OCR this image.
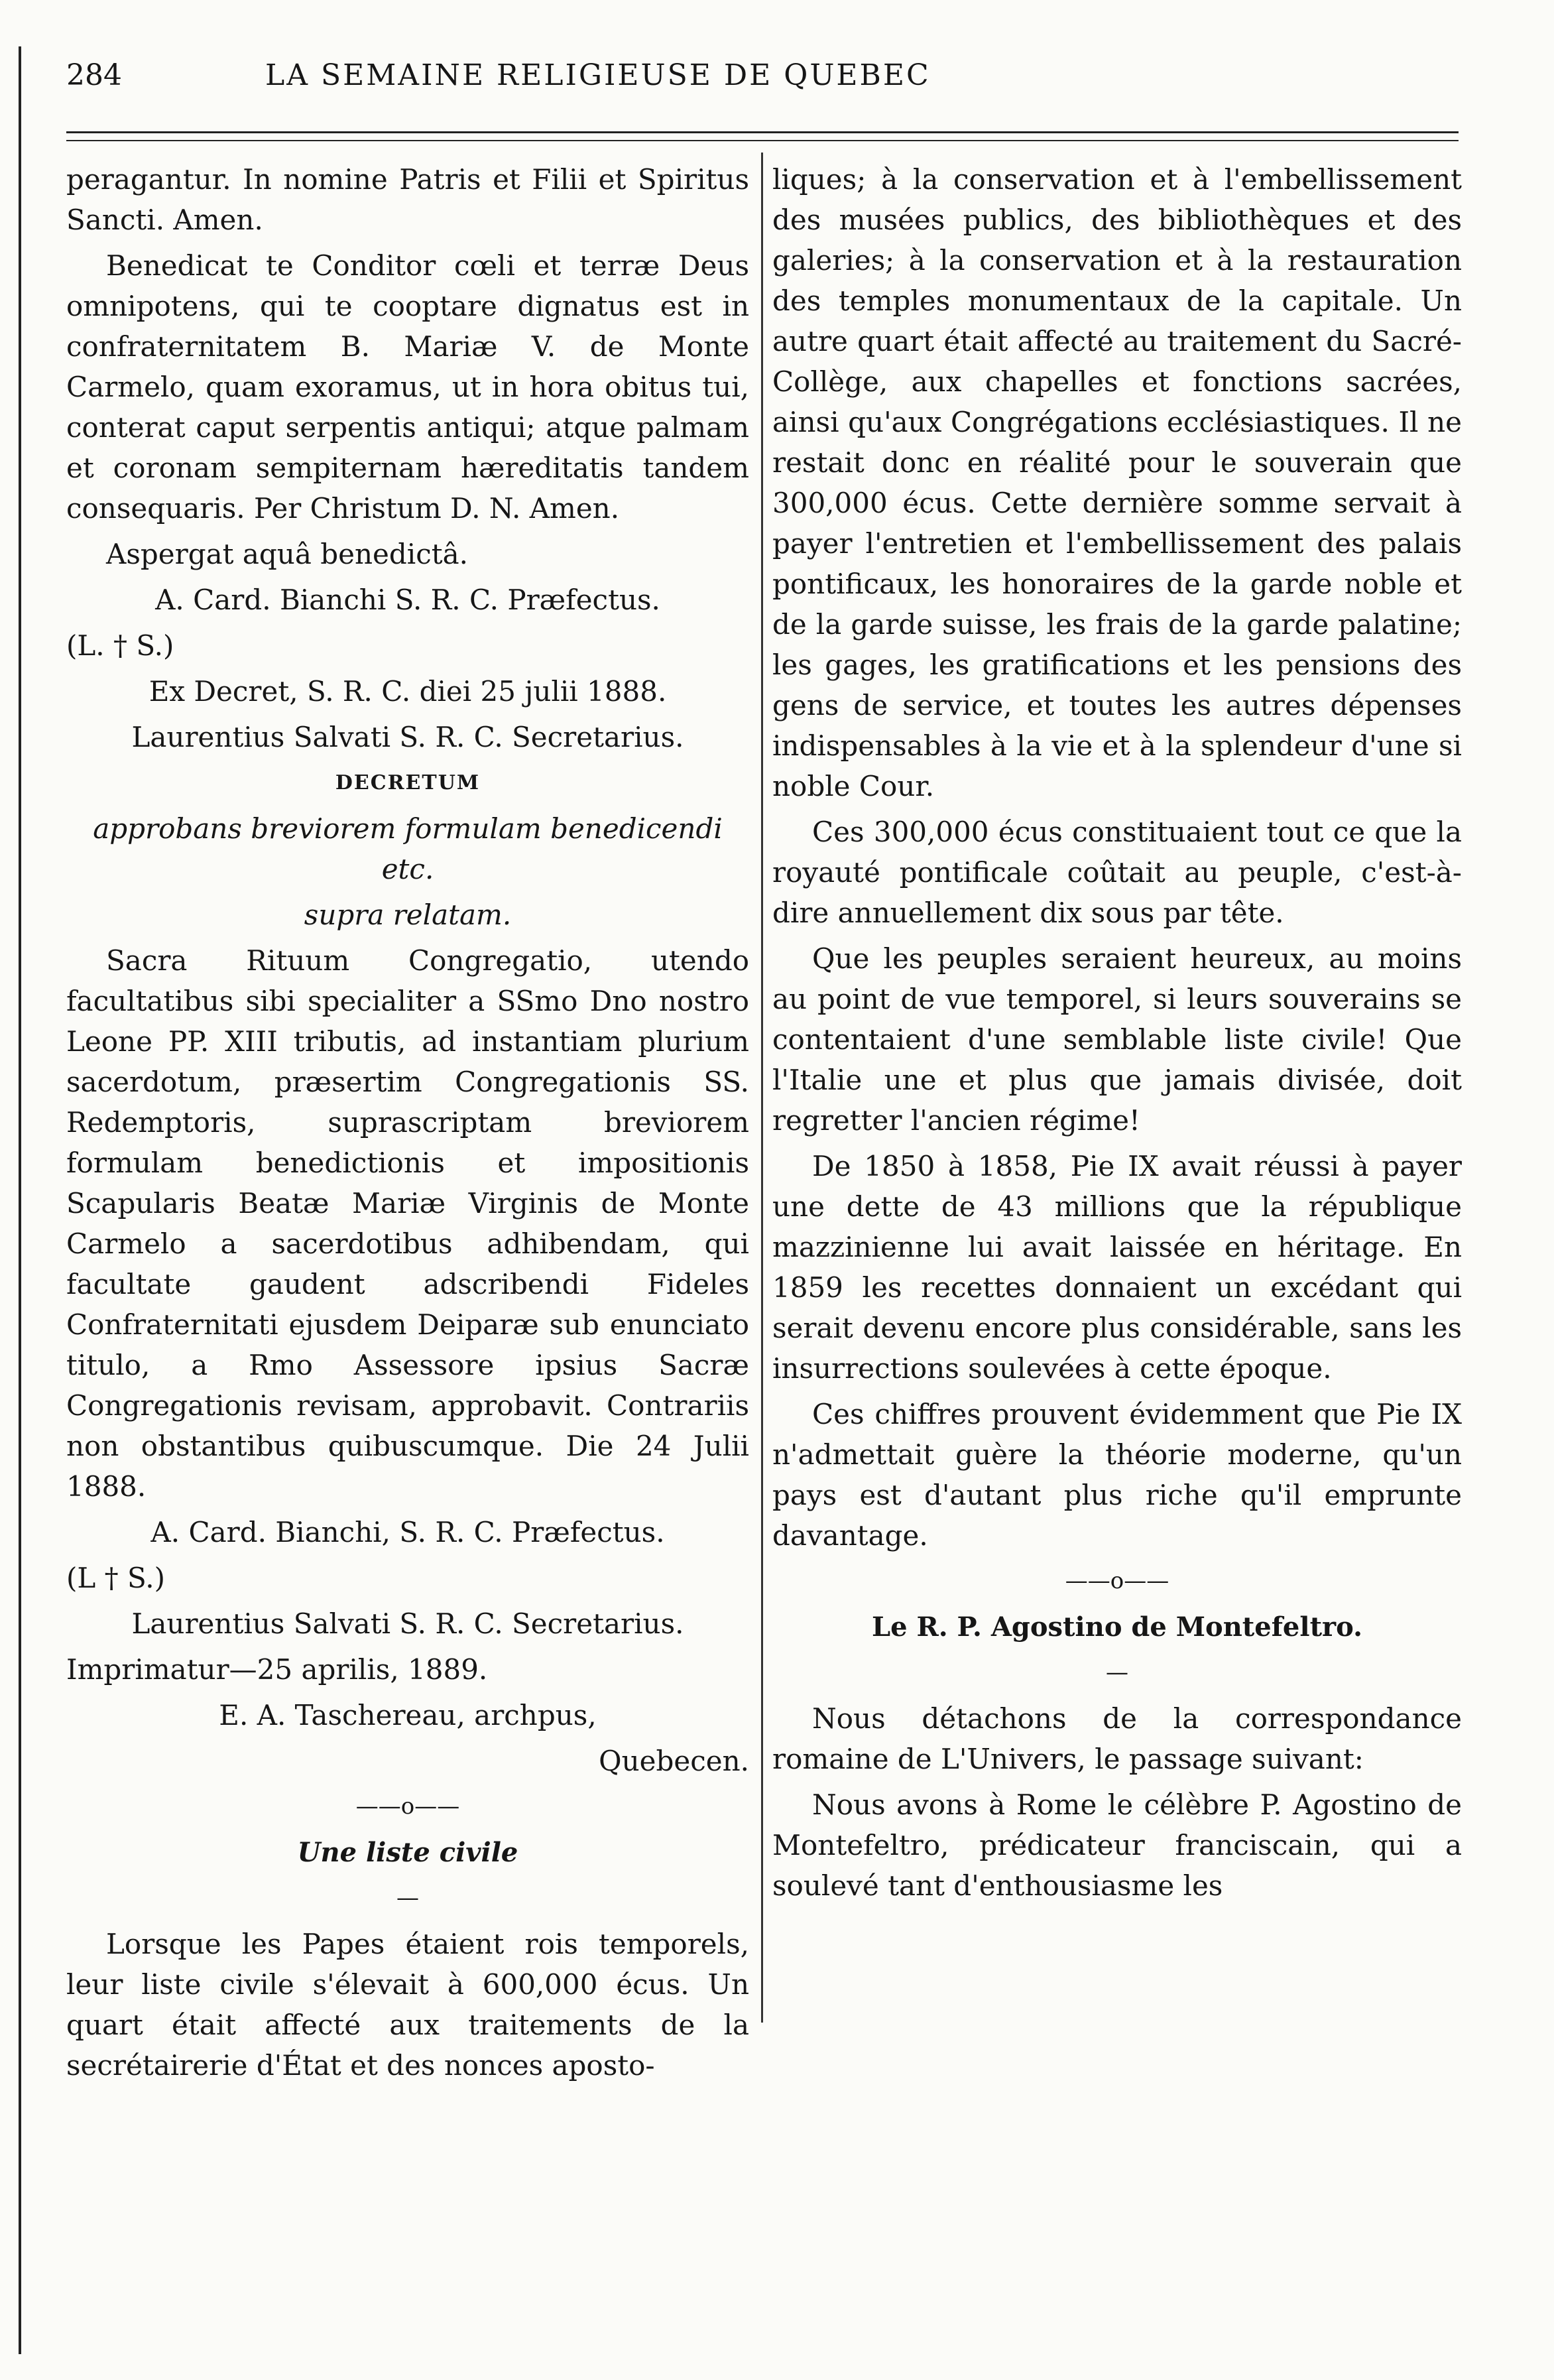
284	LA SEMAINE RELIGIEUSE DE QUEBEC

peragantur. In nomine Patris et Filii et Spiritus Sancti. Amen.

Benedicat te Conditor cœli et terræ Deus omnipotens, qui te cooptare dignatus est in confraternitatem B. Mariæ V. de Monte Carmelo, quam exoramus, ut in hora obitus tui, conterat caput serpentis antiqui; atque palmam et coronam sempiternam hæreditatis tandem consequaris. Per Christum D. N. Amen.

Aspergat aquâ benedictâ.

A. Card. Bianchi S. R. C. Præfectus.

(L. † S.)

Ex Decret, S. R. C. diei 25 julii 1888.

Laurentius Salvati S. R. C. Secretarius.

DECRETUM

approbans breviorem formulam benedicendi etc.

supra relatam.

Sacra Rituum Congregatio, utendo facultatibus sibi specialiter a SSmo Dno nostro Leone PP. XIII tributis, ad instantiam plurium sacerdotum, præsertim Congregationis SS. Redemptoris, suprascriptam breviorem formulam benedictionis et impositionis Scapularis Beatæ Mariæ Virginis de Monte Carmelo a sacerdotibus adhibendam, qui facultate gaudent adscribendi Fideles Confraternitati ejusdem Deiparæ sub enunciato titulo, a Rmo Assessore ipsius Sacræ Congregationis revisam, approbavit. Contrariis non obstantibus quibuscumque. Die 24 Julii 1888.

A. Card. Bianchi, S. R. C. Præfectus.

(L † S.)

Laurentius Salvati S. R. C. Secretarius.

Imprimatur—25 aprilis, 1889.

E. A. Taschereau, archpus,

Quebecen.

——o——

Une liste civile

—

Lorsque les Papes étaient rois temporels, leur liste civile s'élevait à 600,000 écus. Un quart était affecté aux traitements de la secrétairerie d'État et des nonces aposto-

liques; à la conservation et à l'embellissement des musées publics, des bibliothèques et des galeries; à la conservation et à la restauration des temples monumentaux de la capitale. Un autre quart était affecté au traitement du Sacré-Collège, aux chapelles et fonctions sacrées, ainsi qu'aux Congrégations ecclésiastiques. Il ne restait donc en réalité pour le souverain que 300,000 écus. Cette dernière somme servait à payer l'entretien et l'embellissement des palais pontificaux, les honoraires de la garde noble et de la garde suisse, les frais de la garde palatine; les gages, les gratifications et les pensions des gens de service, et toutes les autres dépenses indispensables à la vie et à la splendeur d'une si noble Cour.

Ces 300,000 écus constituaient tout ce que la royauté pontificale coûtait au peuple, c'est-à-dire annuellement dix sous par tête.

Que les peuples seraient heureux, au moins au point de vue temporel, si leurs souverains se contentaient d'une semblable liste civile! Que l'Italie une et plus que jamais divisée, doit regretter l'ancien régime!

De 1850 à 1858, Pie IX avait réussi à payer une dette de 43 millions que la république mazzinienne lui avait laissée en héritage. En 1859 les recettes donnaient un excédant qui serait devenu encore plus considérable, sans les insurrections soulevées à cette époque.

Ces chiffres prouvent évidemment que Pie IX n'admettait guère la théorie moderne, qu'un pays est d'autant plus riche qu'il emprunte davantage.

——o——

Le R. P. Agostino de Montefeltro.

—

Nous détachons de la correspondance romaine de L'Univers, le passage suivant:

Nous avons à Rome le célèbre P. Agostino de Montefeltro, prédicateur franciscain, qui a soulevé tant d'enthousiasme les
